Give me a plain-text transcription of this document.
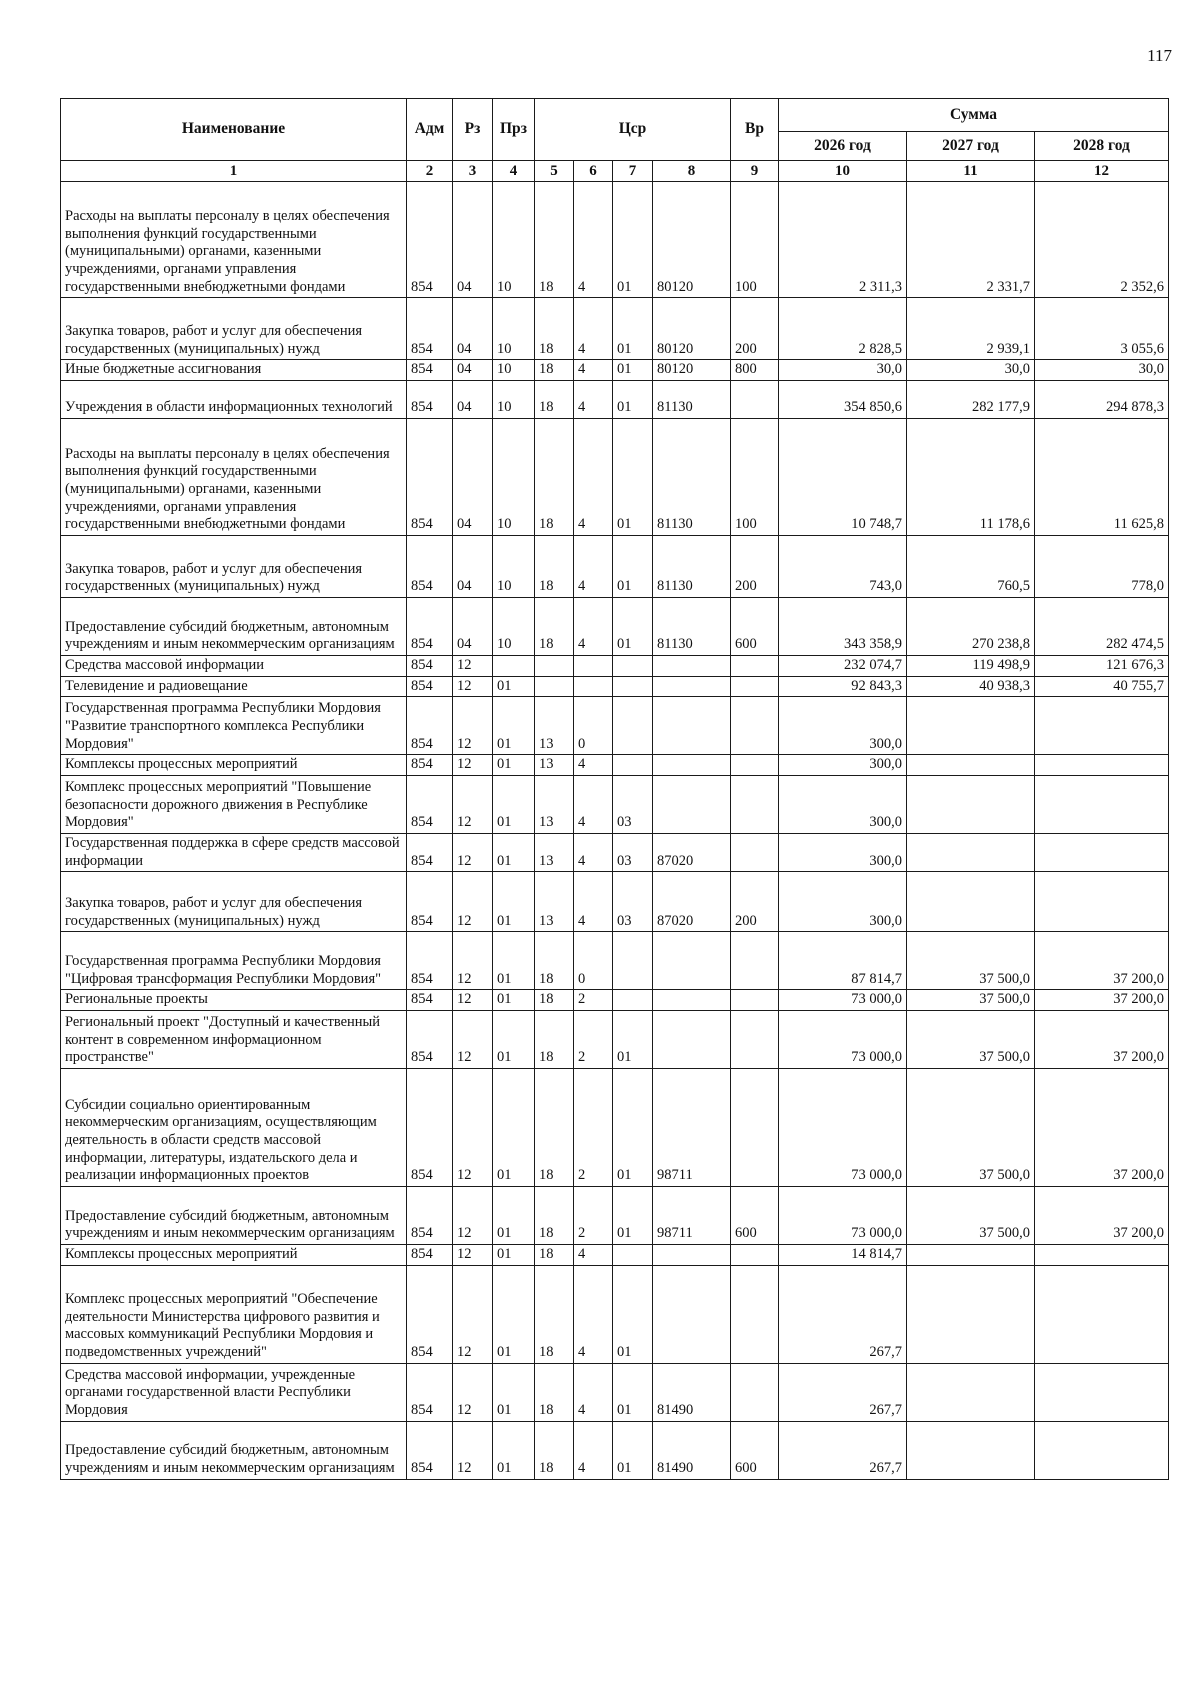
117
Наименование	Адм	Рз	Прз	Цср				Вр	Сумма		
									2026 год	2027 год	2028 год
1	2	3	4	5	6	7	8	9	10	11	12
Расходы на выплаты персоналу в целях обеспечения выполнения функций государственными (муниципальными) органами, казенными учреждениями, органами управления государственными внебюджетными фондами	854	04	10	18	4	01	80120	100	2 311,3	2 331,7	2 352,6
Закупка товаров, работ и услуг для обеспечения государственных (муниципальных) нужд	854	04	10	18	4	01	80120	200	2 828,5	2 939,1	3 055,6
Иные бюджетные ассигнования	854	04	10	18	4	01	80120	800	30,0	30,0	30,0
Учреждения в области информационных технологий	854	04	10	18	4	01	81130		354 850,6	282 177,9	294 878,3
Расходы на выплаты персоналу в целях обеспечения выполнения функций государственными (муниципальными) органами, казенными учреждениями, органами управления государственными внебюджетными фондами	854	04	10	18	4	01	81130	100	10 748,7	11 178,6	11 625,8
Закупка товаров, работ и услуг для обеспечения государственных (муниципальных) нужд	854	04	10	18	4	01	81130	200	743,0	760,5	778,0
Предоставление субсидий бюджетным, автономным учреждениям и иным некоммерческим организациям	854	04	10	18	4	01	81130	600	343 358,9	270 238,8	282 474,5
Средства массовой информации	854	12							232 074,7	119 498,9	121 676,3
Телевидение и радиовещание	854	12	01						92 843,3	40 938,3	40 755,7
Государственная программа Республики Мордовия "Развитие транспортного комплекса Республики Мордовия"	854	12	01	13	0				300,0		
Комплексы процессных мероприятий	854	12	01	13	4				300,0		
Комплекс процессных мероприятий "Повышение безопасности дорожного движения в Республике Мордовия"	854	12	01	13	4	03			300,0		
Государственная поддержка в сфере средств массовой информации	854	12	01	13	4	03	87020		300,0		
Закупка товаров, работ и услуг для обеспечения государственных (муниципальных) нужд	854	12	01	13	4	03	87020	200	300,0		
Государственная программа Республики Мордовия "Цифровая трансформация Республики Мордовия"	854	12	01	18	0				87 814,7	37 500,0	37 200,0
Региональные проекты	854	12	01	18	2				73 000,0	37 500,0	37 200,0
Региональный проект "Доступный и качественный контент в современном информационном пространстве"	854	12	01	18	2	01			73 000,0	37 500,0	37 200,0
Субсидии социально ориентированным некоммерческим организациям, осуществляющим деятельность в области средств массовой информации, литературы, издательского дела и реализации информационных проектов	854	12	01	18	2	01	98711		73 000,0	37 500,0	37 200,0
Предоставление субсидий бюджетным, автономным учреждениям и иным некоммерческим организациям	854	12	01	18	2	01	98711	600	73 000,0	37 500,0	37 200,0
Комплексы процессных мероприятий	854	12	01	18	4				14 814,7		
Комплекс процессных мероприятий "Обеспечение деятельности Министерства цифрового развития и массовых коммуникаций Республики Мордовия и подведомственных учреждений"	854	12	01	18	4	01			267,7		
Средства массовой информации, учрежденные органами государственной власти Республики Мордовия	854	12	01	18	4	01	81490		267,7		
Предоставление субсидий бюджетным, автономным учреждениям и иным некоммерческим организациям	854	12	01	18	4	01	81490	600	267,7		
